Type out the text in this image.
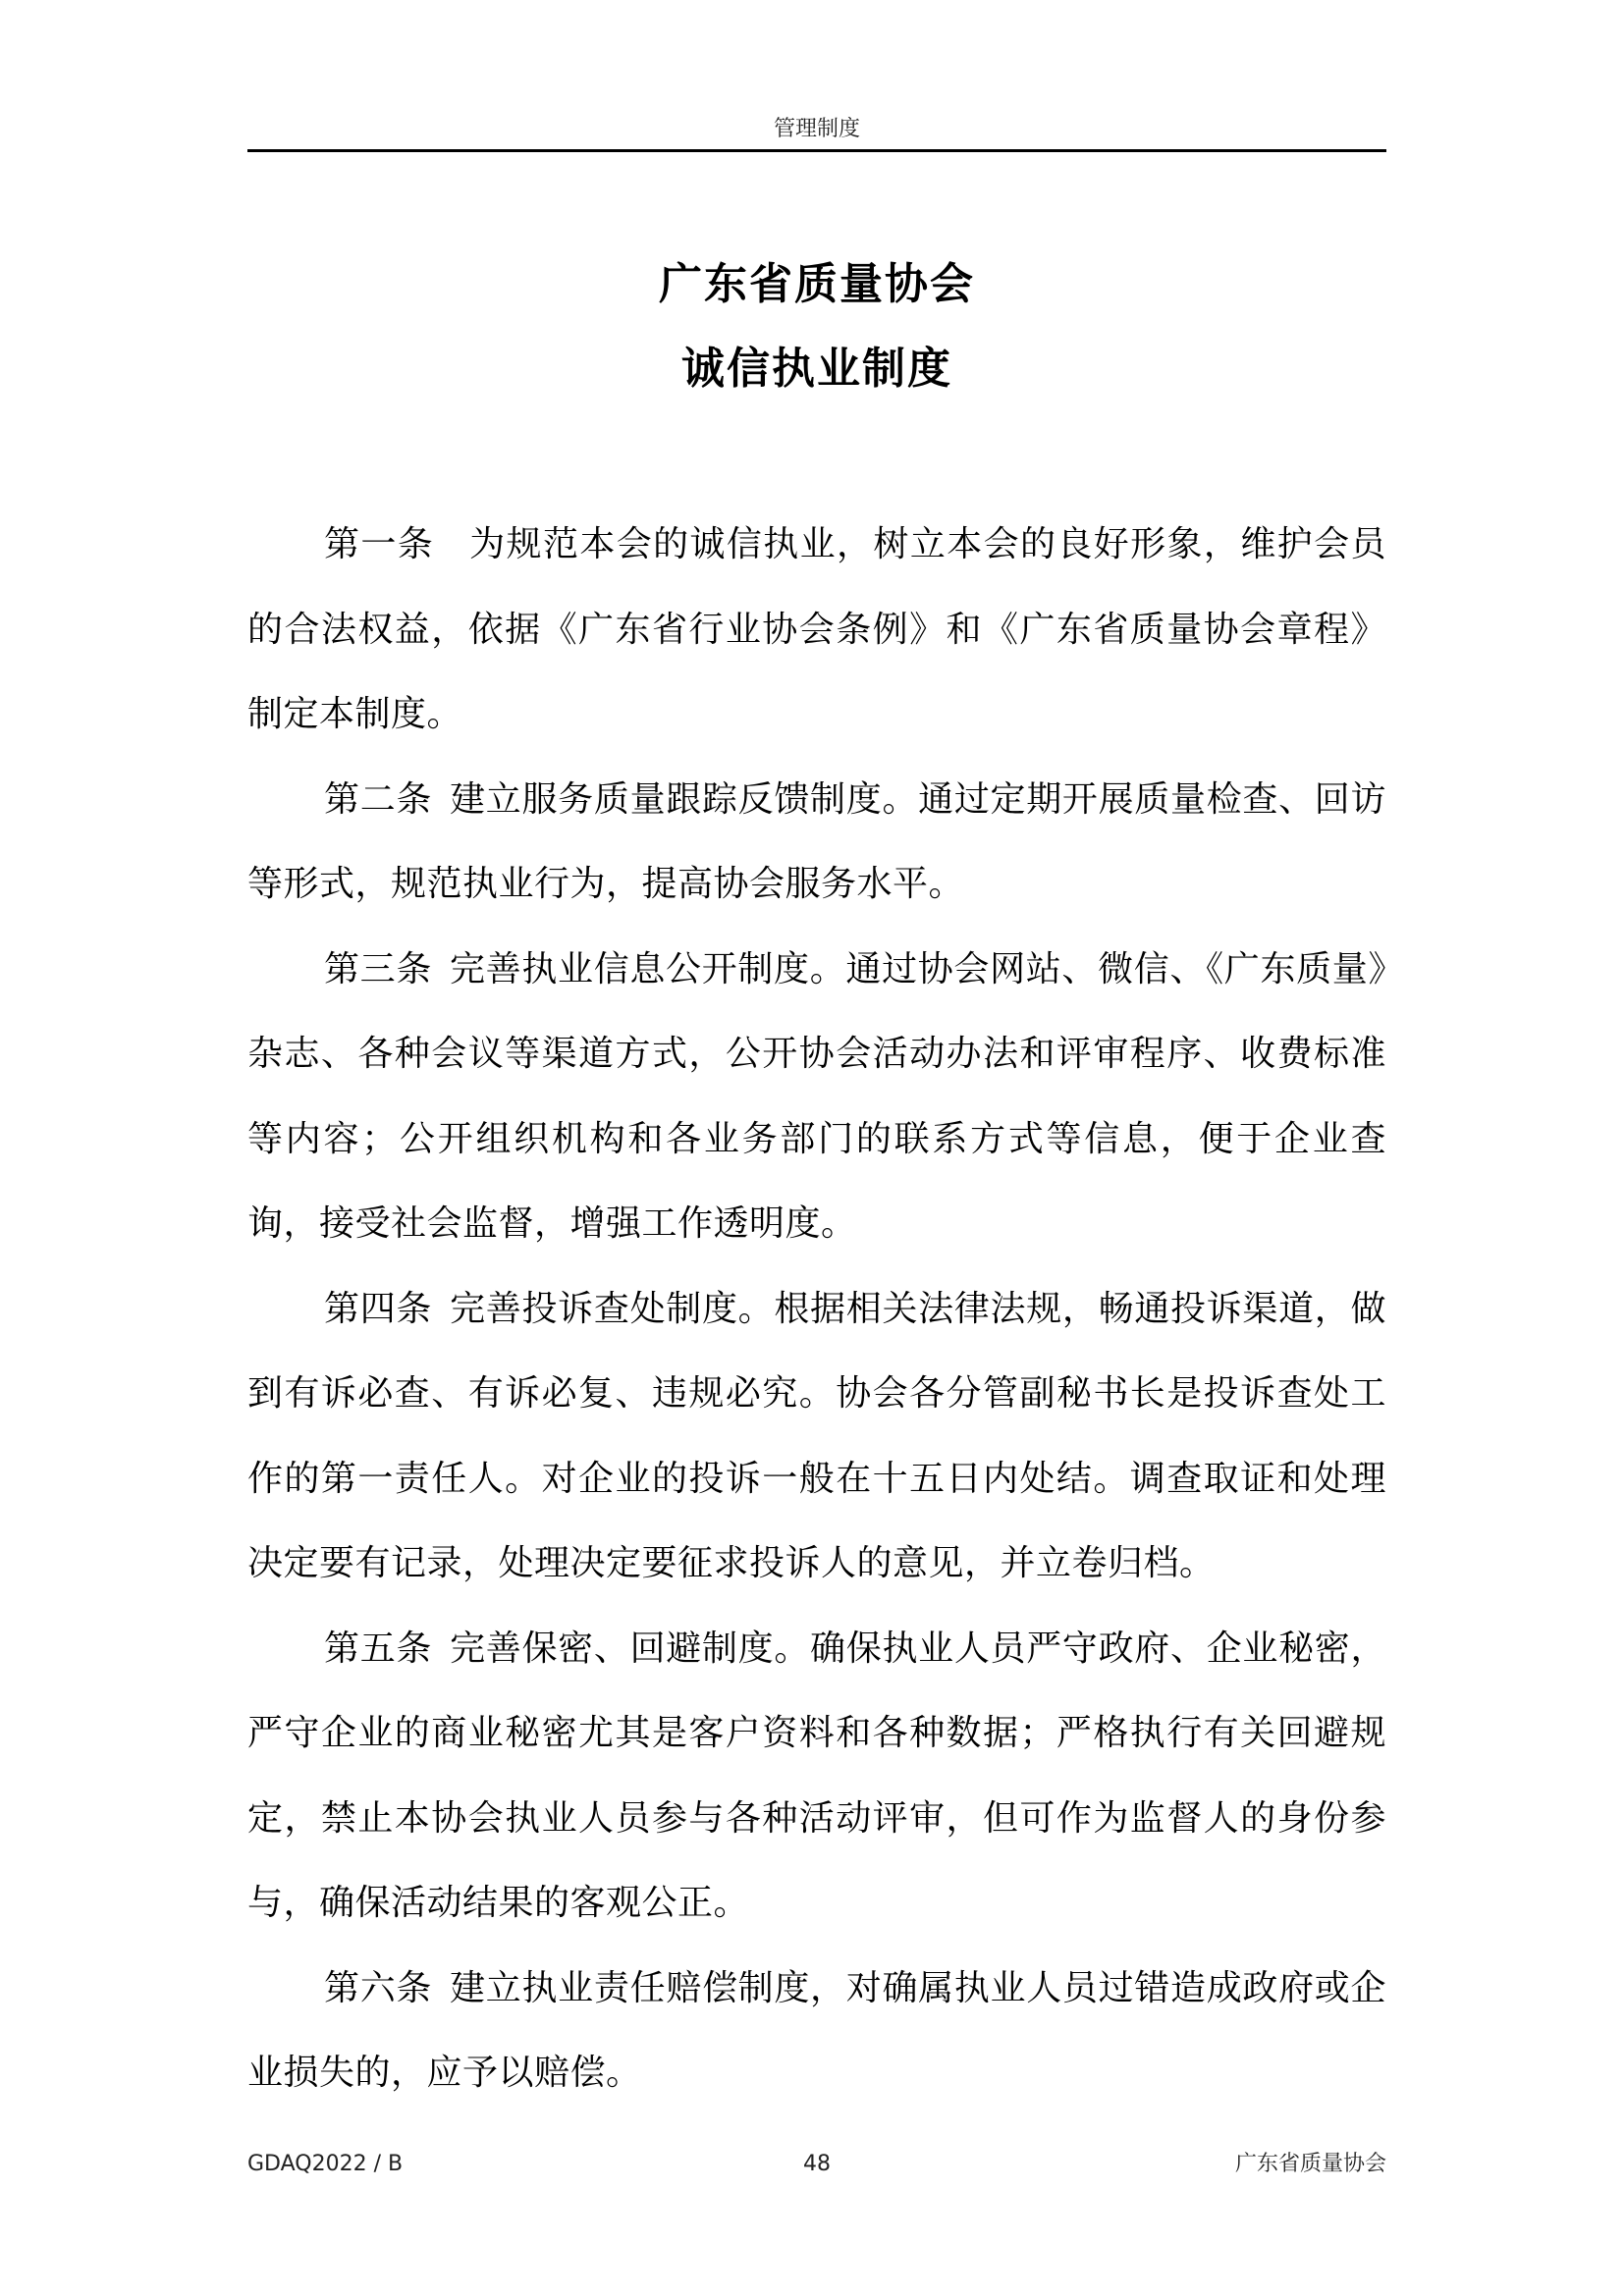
管理制度
广东省质量协会
诚信执业制度

第一条 为规范本会的诚信执业，树立本会的良好形象，维护会员的合法权益，依据《广东省行业协会条例》和《广东省质量协会章程》制定本制度。

第二条 建立服务质量跟踪反馈制度。通过定期开展质量检查、回访等形式，规范执业行为，提高协会服务水平。

第三条 完善执业信息公开制度。通过协会网站、微信、《广东质量》杂志、各种会议等渠道方式，公开协会活动办法和评审程序、收费标准等内容；公开组织机构和各业务部门的联系方式等信息，便于企业查询，接受社会监督，增强工作透明度。

第四条 完善投诉查处制度。根据相关法律法规，畅通投诉渠道，做到有诉必查、有诉必复、违规必究。协会各分管副秘书长是投诉查处工作的第一责任人。对企业的投诉一般在十五日内处结。调查取证和处理决定要有记录，处理决定要征求投诉人的意见，并立卷归档。

第五条 完善保密、回避制度。确保执业人员严守政府、企业秘密，严守企业的商业秘密尤其是客户资料和各种数据；严格执行有关回避规定，禁止本协会执业人员参与各种活动评审，但可作为监督人的身份参与，确保活动结果的客观公正。

第六条 建立执业责任赔偿制度，对确属执业人员过错造成政府或企业损失的，应予以赔偿。

GDAQ2022 / B	48	广东省质量协会
